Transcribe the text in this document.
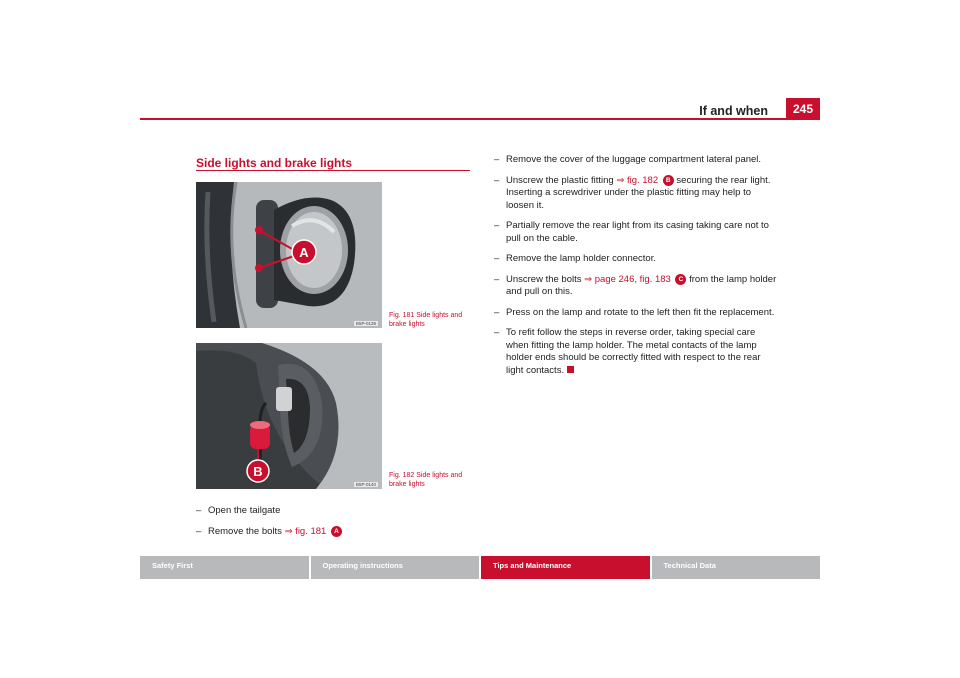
If and when	245
Side lights and brake lights
A
B5P-0139
Fig. 181 Side lights and brake lights
B
B5P-0140
Fig. 182 Side lights and brake lights
– Open the tailgate
– Remove the bolts ⇒ fig. 181 A
– Remove the cover of the luggage compartment lateral panel.
– Unscrew the plastic fitting ⇒ fig. 182 B securing the rear light. Inserting a screwdriver under the plastic fitting may help to loosen it.
– Partially remove the rear light from its casing taking care not to pull on the cable.
– Remove the lamp holder connector.
– Unscrew the bolts ⇒ page 246, fig. 183 C from the lamp holder and pull on this.
– Press on the lamp and rotate to the left then fit the replacement.
– To refit follow the steps in reverse order, taking special care when fitting the lamp holder. The metal contacts of the lamp holder ends should be correctly fitted with respect to the rear light contacts.
Safety First	Operating instructions	Tips and Maintenance	Technical Data
